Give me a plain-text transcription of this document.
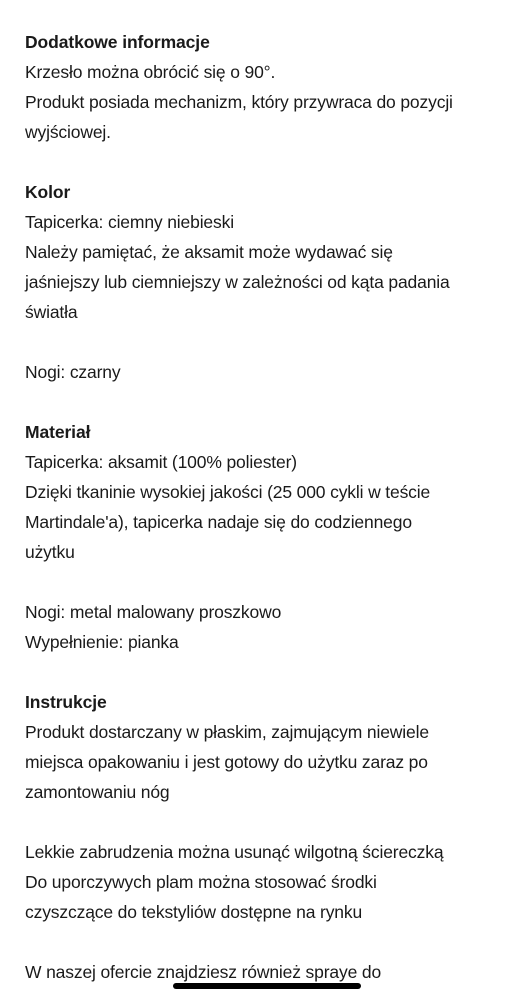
Dodatkowe informacje
Krzesło można obrócić się o 90°.
Produkt posiada mechanizm, który przywraca do pozycji
wyjściowej.
Kolor
Tapicerka: ciemny niebieski
Należy pamiętać, że aksamit może wydawać się
jaśniejszy lub ciemniejszy w zależności od kąta padania
światła
Nogi: czarny
Materiał
Tapicerka: aksamit (100% poliester)
Dzięki tkaninie wysokiej jakości (25 000 cykli w teście
Martindale'a), tapicerka nadaje się do codziennego
użytku
Nogi: metal malowany proszkowo
Wypełnienie: pianka
Instrukcje
Produkt dostarczany w płaskim, zajmującym niewiele
miejsca opakowaniu i jest gotowy do użytku zaraz po
zamontowaniu nóg
Lekkie zabrudzenia można usunąć wilgotną ściereczką
Do uporczywych plam można stosować środki
czyszczące do tekstyliów dostępne na rynku
W naszej ofercie znajdziesz również spraye do
